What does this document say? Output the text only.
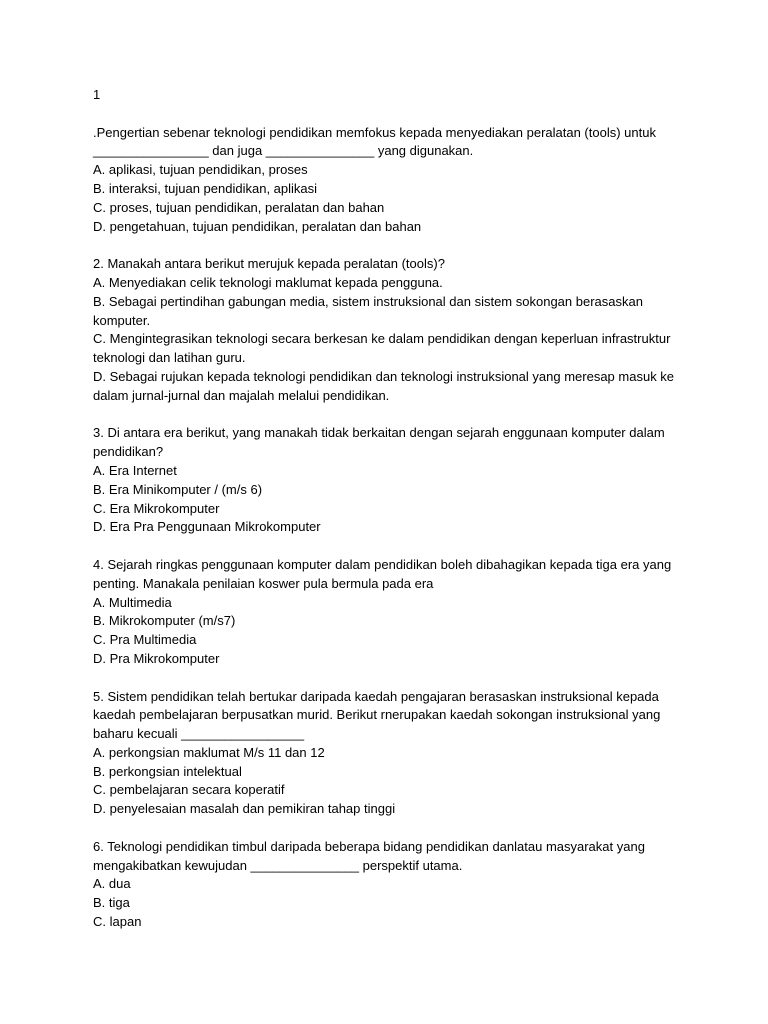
1

.Pengertian sebenar teknologi pendidikan memfokus kepada menyediakan peralatan (tools) untuk ________________ dan juga _______________ yang digunakan.

A. aplikasi, tujuan pendidikan, proses
B. interaksi, tujuan pendidikan, aplikasi
C. proses, tujuan pendidikan, peralatan dan bahan
D. pengetahuan, tujuan pendidikan, peralatan dan bahan

2. Manakah antara berikut merujuk kepada peralatan (tools)?

A. Menyediakan celik teknologi maklumat kepada pengguna.
B. Sebagai pertindihan gabungan media, sistem instruksional dan sistem sokongan berasaskan komputer.
C. Mengintegrasikan teknologi secara berkesan ke dalam pendidikan dengan keperluan infrastruktur teknologi dan latihan guru.
D. Sebagai rujukan kepada teknologi pendidikan dan teknologi instruksional yang meresap masuk ke dalam jurnal-jurnal dan majalah melalui pendidikan.

3. Di antara era berikut, yang manakah tidak berkaitan dengan sejarah enggunaan komputer dalam pendidikan?

A. Era Internet
B. Era Minikomputer / (m/s 6)
C. Era Mikrokomputer
D. Era Pra Penggunaan Mikrokomputer

4. Sejarah ringkas penggunaan komputer dalam pendidikan boleh dibahagikan kepada tiga era yang penting. Manakala penilaian koswer pula bermula pada era

A. Multimedia
B. Mikrokomputer (m/s7)
C. Pra Multimedia
D. Pra Mikrokomputer

5. Sistem pendidikan telah bertukar daripada kaedah pengajaran berasaskan instruksional kepada kaedah pembelajaran berpusatkan murid. Berikut rnerupakan kaedah sokongan instruksional yang baharu kecuali _________________

A. perkongsian maklumat M/s 11 dan 12
B. perkongsian intelektual
C. pembelajaran secara koperatif
D. penyelesaian masalah dan pemikiran tahap tinggi

6. Teknologi pendidikan timbul daripada beberapa bidang pendidikan danlatau masyarakat yang mengakibatkan kewujudan _______________ perspektif utama.

A. dua
B. tiga
C. lapan
